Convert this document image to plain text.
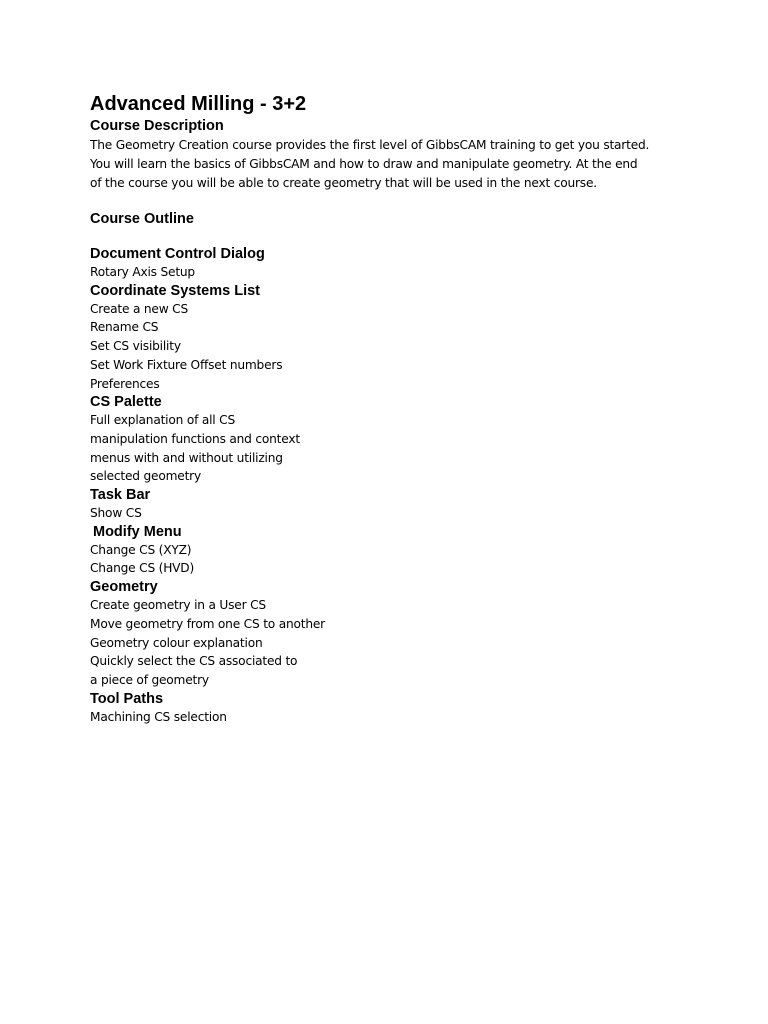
Advanced Milling - 3+2
Course Description

The Geometry Creation course provides the first level of GibbsCAM training to get you started.
You will learn the basics of GibbsCAM and how to draw and manipulate geometry. At the end
of the course you will be able to create geometry that will be used in the next course.

Course Outline
Document Control Dialog

Rotary Axis Setup

Coordinate Systems List

Create a new CS

Rename CS

Set CS visibility

Set Work Fixture Offset numbers

Preferences

CS Palette

Full explanation of all CS

manipulation functions and context

menus with and without utilizing

selected geometry

Task Bar

Show CS

Modify Menu

Change CS (XYZ)

Change CS (HVD)

Geometry

Create geometry in a User CS

Move geometry from one CS to another

Geometry colour explanation

Quickly select the CS associated to

a piece of geometry

Tool Paths

Machining CS selection
